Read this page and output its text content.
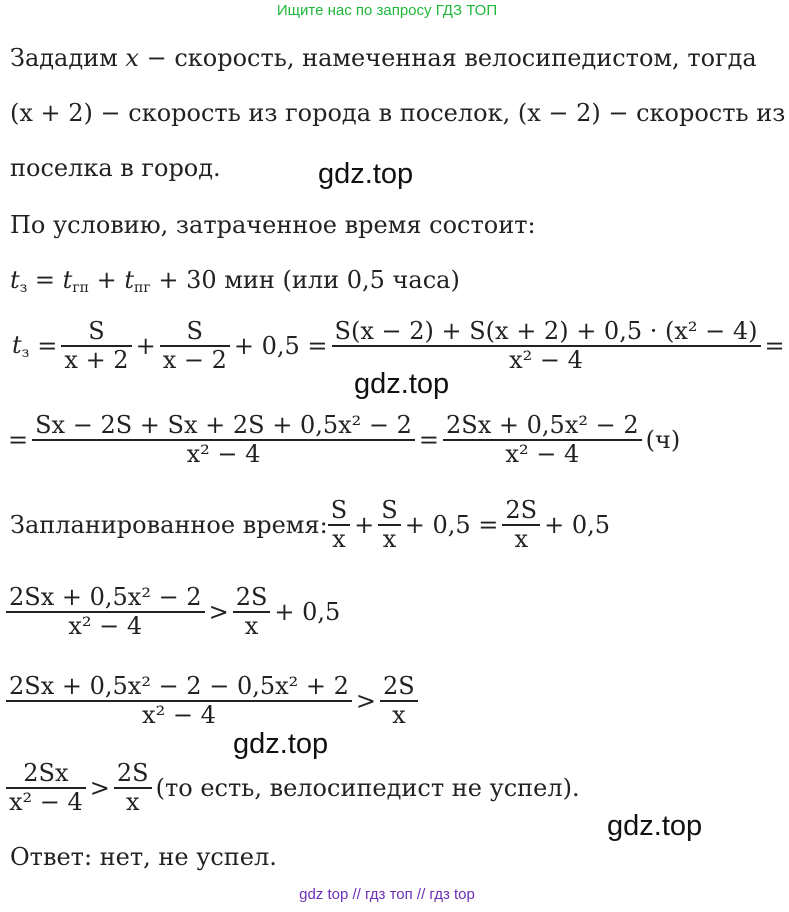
Ищите нас по запросу ГДЗ ТОП
Зададим x − скорость, намеченная велосипедистом, тогда
(x + 2) − скорость из города в поселок, (x − 2) − скорость из
поселка в город.	gdz.top
По условию, затраченное время состоит:
$t_з = t_{гп} + t_{пг} + 30$ мин (или 0,5 часа)
$t_з = \frac{S}{x + 2} + \frac{S}{x - 2} + 0,5 = \frac{\text{S(x − 2) + S(x + 2) + 0,5 · (x² − 4)}}{\text{x² − 4}}$ =
gdz.top
= $\frac{\text{Sx − 2S + Sx + 2S + 0,5x² − 2}}{\text{x² − 4}} = \frac{\text{2Sx + 0,5x² − 2}}{\text{x² − 4}} (ч)$
Запланированное время: $\frac{S}{x} + \frac{S}{x} + 0,5 = \frac{2S}{x} + 0,5$
$\frac{\text{2Sx + 0,5x² − 2}}{\text{x² − 4}} > \frac{2S}{x} + 0,5$
$\frac{\text{2Sx + 0,5x² − 2 − 0,5x² + 2}}{\text{x² − 4}} > \frac{2S}{x}$
gdz.top
$\frac{2Sx}{\text{x² − 4}} > \frac{2S}{x} (то$ есть, велосипедист не успел).
gdz.top
Ответ: нет, не успел.
gdz top // гдз топ // гдз top
